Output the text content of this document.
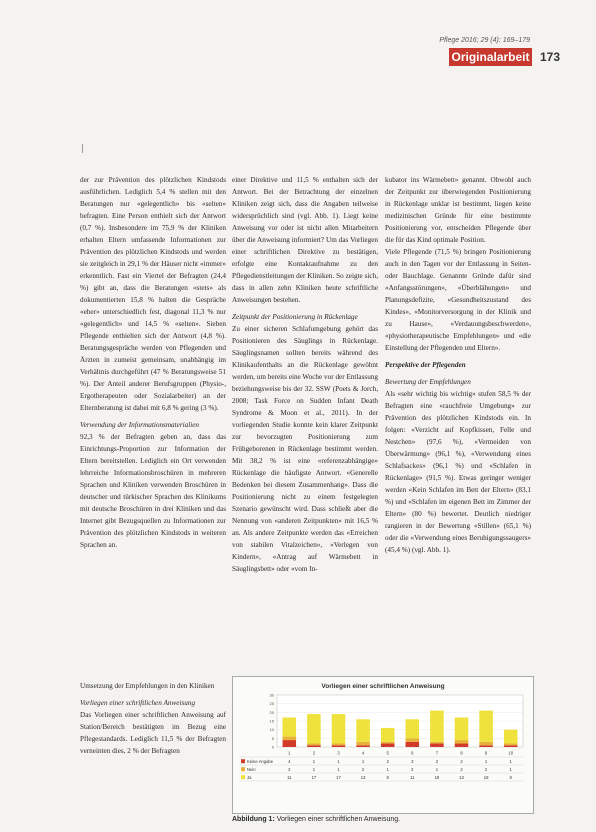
Pflege 2016; 29 (4): 169–179
Originalarbeit 173

der zur Prävention des plötzlichen Kindstods ausführlichen. Lediglich 5,4 % stellen mit den Beratungen nur «gelegentlich» bis «selten» befragten. Eine Person enthielt sich der Antwort (0,7 %). Insbesondere im 75,9 % der Kliniken erhalten Eltern umfassende Informationen zur Prävention des plötzlichen Kindstods und werden sie zeitgleich in 29,1 % der Häuser nicht «immer» erkenntlich. Fast ein Viertel der Befragten (24,4 %) gibt an, dass die Beratungen «stets» als dokumentierten 15,8 % halten die Gespräche «eher» unterschiedlich fest, diagonal 11,3 % nur «gelegentlich» und 14,5 % «selten». Sieben Pflegende enthielten sich der Antwort (4,8 %). Beratungsgespräche werden von Pflegenden und Ärzten in zumeist gemeinsam, unabhängig im Verhältnis durchgeführt (47 % Beratungsweise 51 %). Der Anteil anderer Berufsgruppen (Physio-, Ergotherapeuten oder Sozialarbeiter) an der Elternberatung ist dabei mit 6,8 % gering (3 %).

Verwendung der Informationsmaterialien

92,3 % der Befragten geben an, dass das Einrichtungs-Proportion zur Information der Eltern bereitstellen. Lediglich ein Ort verwenden lehrreiche Informationsbroschüren in mehreren Sprachen und Kliniken verwenden Broschüren in deutscher und türkischer Sprachen des Klinikums mit deutsche Broschüren in drei Kliniken und das Internet gibt Bezugsquellen zu Informationen zur Prävention des plötzlichen Kindstods in weiteren Sprachen an.

Umsetzung der Empfehlungen in den Kliniken

Vorliegen einer schriftlichen Anweisung

Das Vorliegen einer schriftlichen Anweisung auf Station/Bereich bestätigten im Bezug eine Pflegestandards. Lediglich 11,5 % der Befragten verneinten dies, 2 % der Befragten

einer Direktive und 11,5 % enthalten sich der Antwort. Bei der Betrachtung der einzelnen Kliniken zeigt sich, dass die Angaben teilweise widersprüchlich sind (vgl. Abb. 1). Liegt keine Anweisung vor oder ist nicht allen Mitarbeitern über die Anweisung informiert? Um das Vorliegen einer schriftlichen Direktive zu bestätigen, erfolgte eine Kontaktaufnahme zu den Pflegedienstleitungen der Kliniken. So zeigte sich, dass in allen zehn Kliniken heute schriftliche Anweisungen bestehen.

Zeitpunkt der Positionierung in Rückenlage

Zu einer sicheren Schlafumgebung gehört das Positionieren des Säuglings in Rückenlage. Säuglingsnamen sollten bereits während des Klinikaufenthalts an die Rückenlage gewöhnt werden, um bereits eine Woche vor der Entlassung beziehungsweise bis der 32. SSW (Poets & Jorch, 2008; Task Force on Sudden Infant Death Syndrome & Moon et al., 2011). In der vorliegenden Studie konnte kein klarer Zeitpunkt zur bevorzugten Positionierung zum Frühgeborenen in Rückenlage bestimmt werden. Mit 38,2 % ist eine «referenzabhängige» Rückenlage die häufigste Antwort. «Generelle Bedenken bei diesem Zusammenhang». Dass die Positionierung nicht zu einem festgelegten Szenario gewünscht wird. Dass schließt aber die Nennung von «anderen Zeitpunkten» mit 16,5 % an. Als andere Zeitpunkte werden das «Erreichen von stabilen Vitalzeichen», «Verlegen von Kindern», «Antrag auf Wärmebett in Säuglingsbett» oder «vom In-

kubator ins Wärmebett» genannt. Obwohl auch der Zeitpunkt zur überwiegenden Positionierung in Rückenlage unklar ist bestimmt, liegen keine medizinischen Gründe für eine bestimmte Positionierung vor, entscheiden Pflegende über die für das Kind optimale Position.

Viele Pflegende (71,5 %) bringen Positionierung auch in den Tagen vor der Entlassung in Seiten- oder Bauchlage. Genannte Gründe dafür sind «Anfangsstörungen», «Überblähungen» und Planungsdefizite, «Gesundheitszustand des Kindes», «Monitorversorgung in der Klinik und zu Hause», «Verdauungsbeschwerden», «physiotherapeutische Empfehlungen» und «die Einstellung der Pflegenden und Eltern».

Perspektive der Pflegenden

Bewertung der Empfehlungen

Als «sehr wichtig bis wichtig» stufen 58,5 % der Befragten eine «rauchfreie Umgebung» zur Prävention des plötzlichen Kindstods ein. In folgen: «Verzicht auf Kopfkissen, Felle und Nestchen» (97,6 %), «Vermeiden von Überwärmung» (96,1 %), «Verwendung eines Schlafsackes» (96,1 %) und «Schlafen in Rückenlage» (91,5 %). Etwas geringer weniger werden «Kein Schlafen im Bett der Eltern» (83,1 %) und «Schlafen im eigenen Bett im Zimmer der Eltern» (80 %) bewertet. Deutlich niedriger rangieren in der Bewertung «Stillen» (65,1 %) oder die «Verwendung eines Beruhigungssaugers» (45,4 %) (vgl. Abb. 1).

Vorliegen einer schriftlichen Anweisung
0
5
10
15
20
25
30
1	2	3	4	5	6	7	8	9	10
Keine Angabe	4	1	1	1	2	3	2	2	1	1
Nein	2	1	1	2	1	2	1	2	2	1
Ja	11	17	17	13	8	11	18	13	18	8
Abbildung 1: Vorliegen einer schriftlichen Anweisung.
